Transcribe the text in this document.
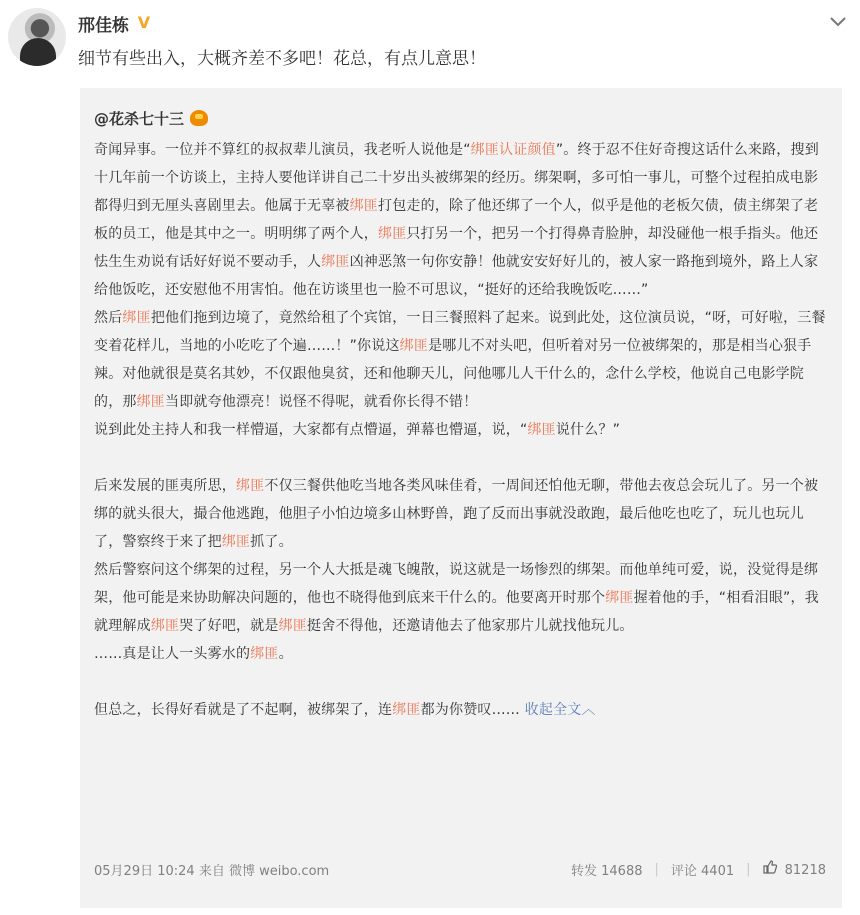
邢佳栋 V
细节有些出入，大概齐差不多吧！花总，有点儿意思！
@花杀七十三

奇闻异事。一位并不算红的叔叔辈儿演员，我老听人说他是“绑匪认证颜值”。终于忍不住好奇搜这话什么来路，搜到十几年前一个访谈上，主持人要他详讲自己二十岁出头被绑架的经历。绑架啊，多可怕一事儿，可整个过程拍成电影都得归到无厘头喜剧里去。他属于无辜被绑匪打包走的，除了他还绑了一个人，似乎是他的老板欠债，债主绑架了老板的员工，他是其中之一。明明绑了两个人，绑匪只打另一个，把另一个打得鼻青脸肿，却没碰他一根手指头。他还怯生生劝说有话好好说不要动手，人绑匪凶神恶煞一句你安静！他就安安好好儿的，被人家一路拖到境外，路上人家给他饭吃，还安慰他不用害怕。他在访谈里也一脸不可思议，“挺好的还给我晚饭吃……”

然后绑匪把他们拖到边境了，竟然给租了个宾馆，一日三餐照料了起来。说到此处，这位演员说，“呀，可好啦，三餐变着花样儿，当地的小吃吃了个遍……！”你说这绑匪是哪儿不对头吧，但听着对另一位被绑架的，那是相当心狠手辣。对他就很是莫名其妙，不仅跟他臭贫，还和他聊天儿，问他哪儿人干什么的，念什么学校，他说自己电影学院的，那绑匪当即就夸他漂亮！说怪不得呢，就看你长得不错！

说到此处主持人和我一样懵逼，大家都有点懵逼，弹幕也懵逼，说，“绑匪说什么？”

后来发展的匪夷所思，绑匪不仅三餐供他吃当地各类风味佳肴，一周间还怕他无聊，带他去夜总会玩儿了。另一个被绑的就头很大，撮合他逃跑，他胆子小怕边境多山林野兽，跑了反而出事就没敢跑，最后他吃也吃了，玩儿也玩儿了，警察终于来了把绑匪抓了。

然后警察问这个绑架的过程，另一个人大抵是魂飞魄散，说这就是一场惨烈的绑架。而他单纯可爱，说，没觉得是绑架，他可能是来协助解决问题的，他也不晓得他到底来干什么的。他要离开时那个绑匪握着他的手，“相看泪眼”，我就理解成绑匪哭了好吧，就是绑匪挺舍不得他，还邀请他去了他家那片儿就找他玩儿。

……真是让人一头雾水的绑匪。

但总之，长得好看就是了不起啊，被绑架了，连绑匪都为你赞叹…… 收起全文︿

05月29日 10:24 来自 微博 weibo.com	转发 14688 | 评论 4401 |	81218
